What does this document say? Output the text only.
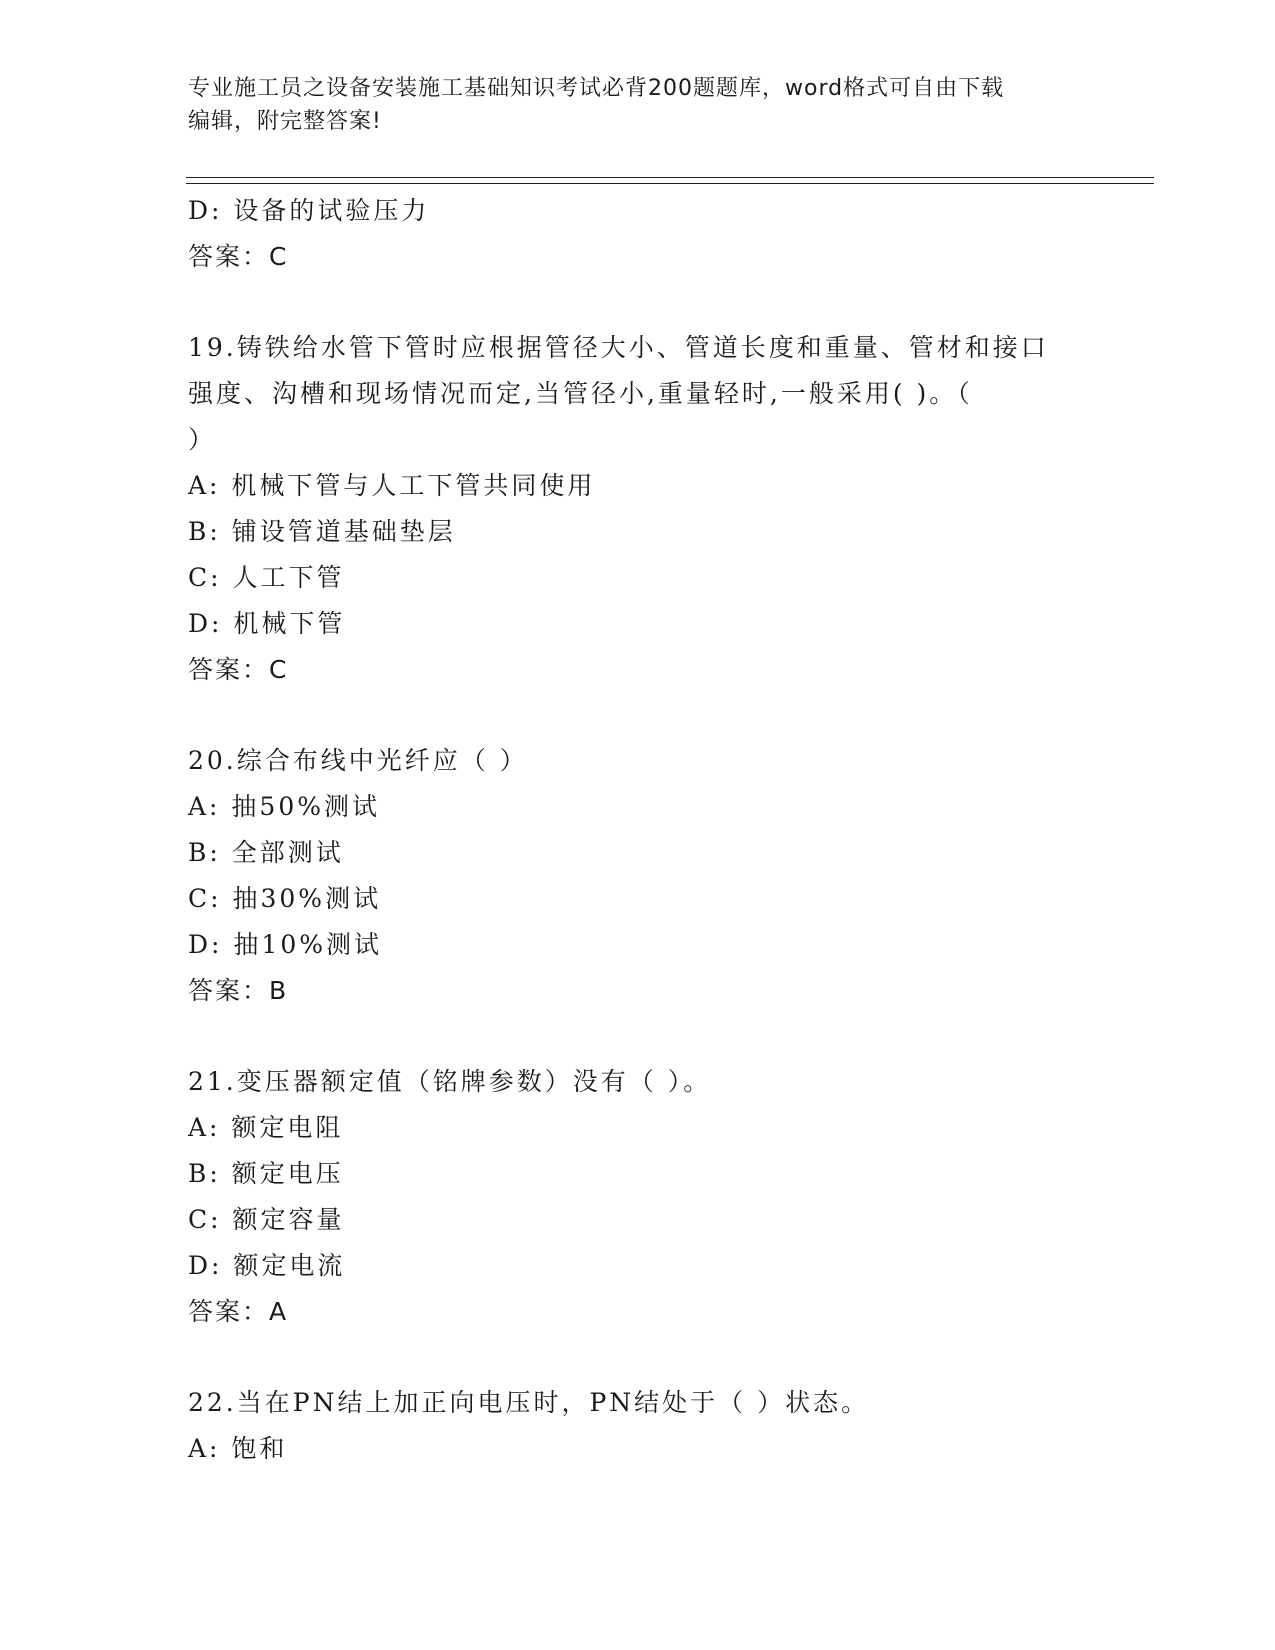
专业施工员之设备安装施工基础知识考试必背200题题库，word格式可自由下载
编辑，附完整答案!
D: 设备的试验压力
答案：C
19.铸铁给水管下管时应根据管径大小、管道长度和重量、管材和接口
强度、沟槽和现场情况而定,当管径小,重量轻时,一般采用( )。（
）
A: 机械下管与人工下管共同使用
B: 铺设管道基础垫层
C: 人工下管
D: 机械下管
答案：C
20.综合布线中光纤应（ ）
A: 抽50%测试
B: 全部测试
C: 抽30%测试
D: 抽10%测试
答案：B
21.变压器额定值（铭牌参数）没有（ ）。
A: 额定电阻
B: 额定电压
C: 额定容量
D: 额定电流
答案：A
22.当在PN结上加正向电压时，PN结处于（ ）状态。
A: 饱和
